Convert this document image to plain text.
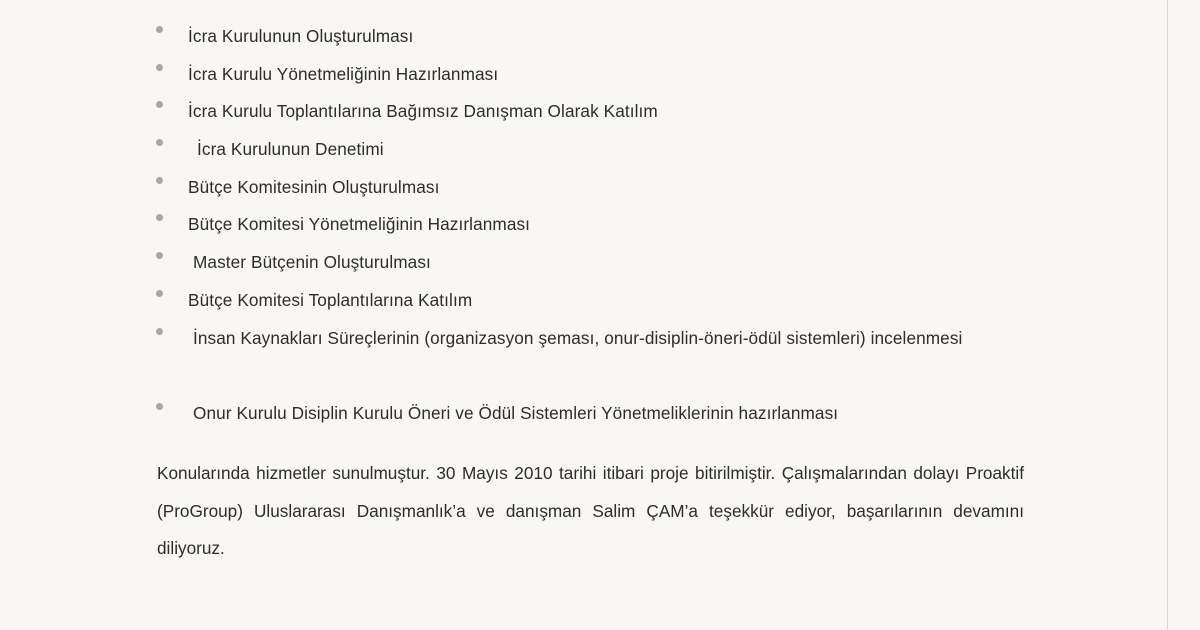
İcra Kurulunun Oluşturulması
İcra Kurulu Yönetmeliğinin Hazırlanması
İcra Kurulu Toplantılarına Bağımsız Danışman Olarak Katılım
İcra Kurulunun Denetimi
Bütçe Komitesinin Oluşturulması
Bütçe Komitesi Yönetmeliğinin Hazırlanması
Master Bütçenin Oluşturulması
Bütçe Komitesi Toplantılarına Katılım
İnsan Kaynakları Süreçlerinin (organizasyon şeması, onur-disiplin-öneri-ödül sistemleri) incelenmesi
Onur Kurulu Disiplin Kurulu Öneri ve Ödül Sistemleri Yönetmeliklerinin hazırlanması

Konularında hizmetler sunulmuştur. 30 Mayıs 2010 tarihi itibari proje bitirilmiştir. Çalışmalarından dolayı Proaktif (ProGroup) Uluslararası Danışmanlık’a ve danışman Salim ÇAM’a teşekkür ediyor, başarılarının devamını diliyoruz.
